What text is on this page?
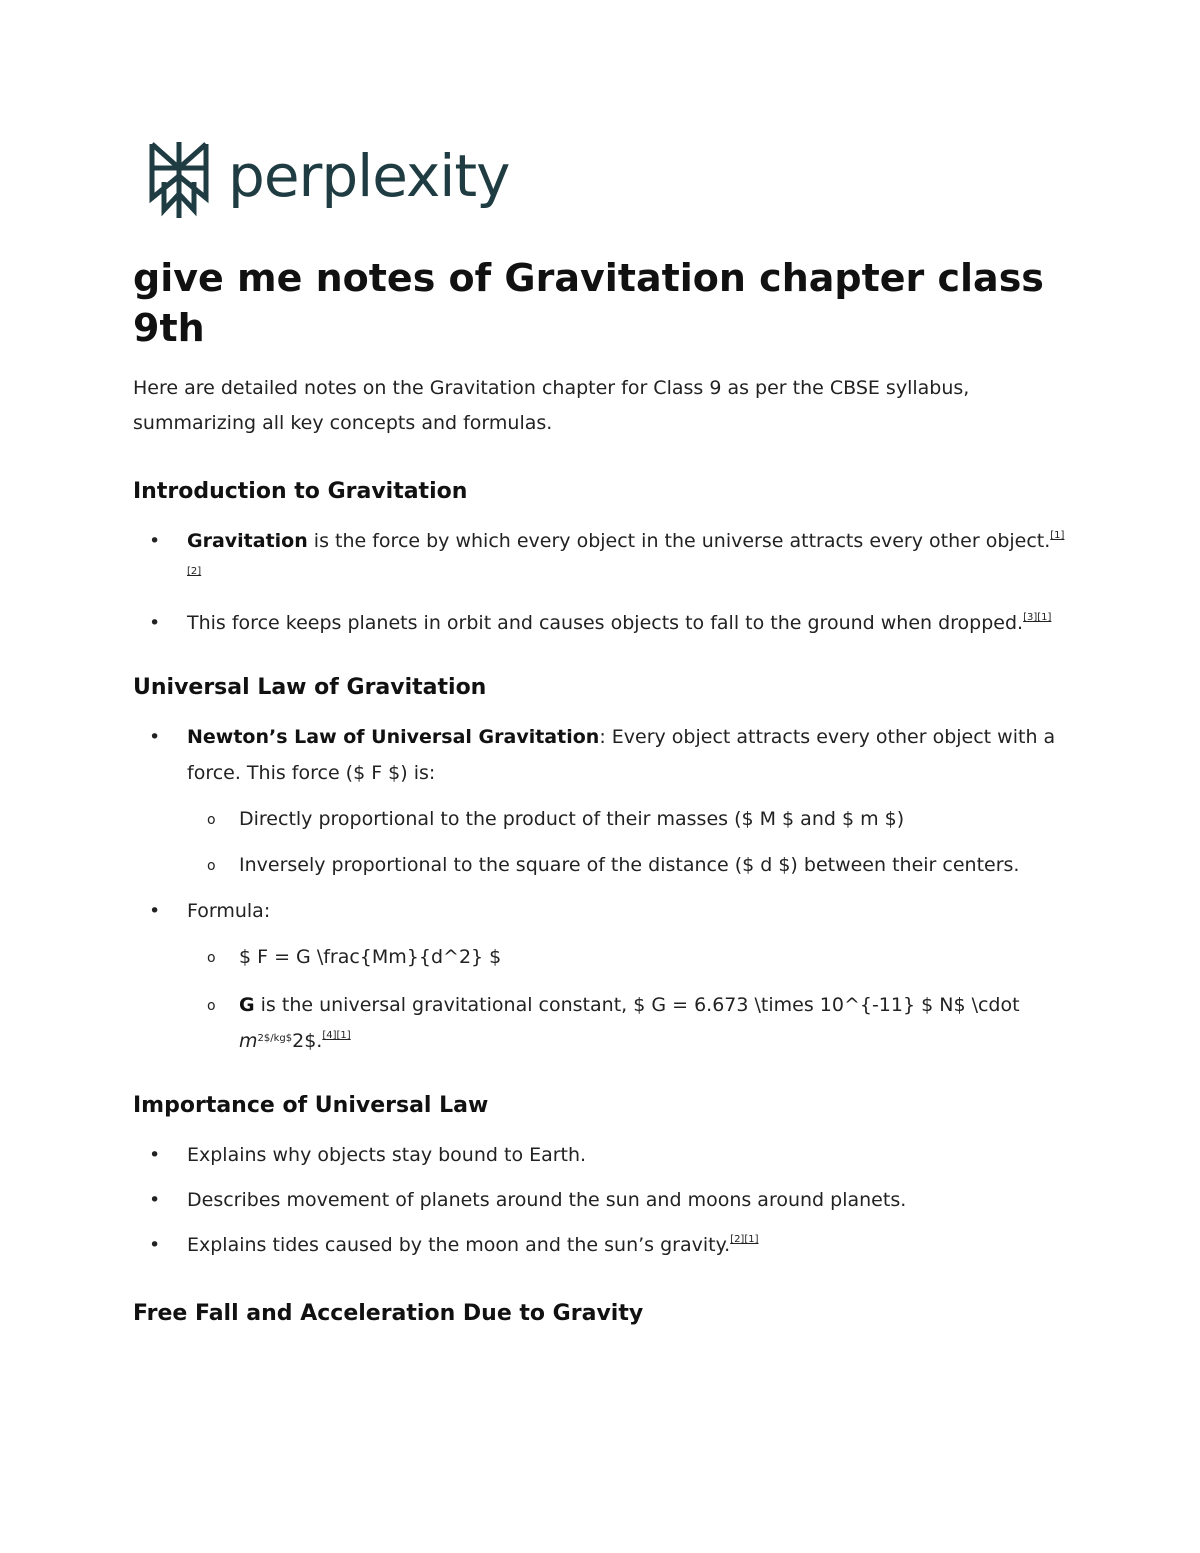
perplexity
give me notes of Gravitation chapter class 9th

Here are detailed notes on the Gravitation chapter for Class 9 as per the CBSE syllabus, summarizing all key concepts and formulas.

Introduction to Gravitation
• Gravitation is the force by which every object in the universe attracts every other object.[1][2]
• This force keeps planets in orbit and causes objects to fall to the ground when dropped.[3][1]
Universal Law of Gravitation
• Newton’s Law of Universal Gravitation: Every object attracts every other object with a force. This force ($ F $) is:
o Directly proportional to the product of their masses ($ M $ and $ m $)
o Inversely proportional to the square of the distance ($ d $) between their centers.
• Formula:
o $ F = G \frac{Mm}{d^2} $
o G is the universal gravitational constant, $ G = 6.673 \times 10^{-11} $ N$ \cdot $m^{2\$/kg\$}2\$.[4][1]$
Importance of Universal Law
• Explains why objects stay bound to Earth.
• Describes movement of planets around the sun and moons around planets.
• Explains tides caused by the moon and the sun’s gravity.[2][1]
Free Fall and Acceleration Due to Gravity
